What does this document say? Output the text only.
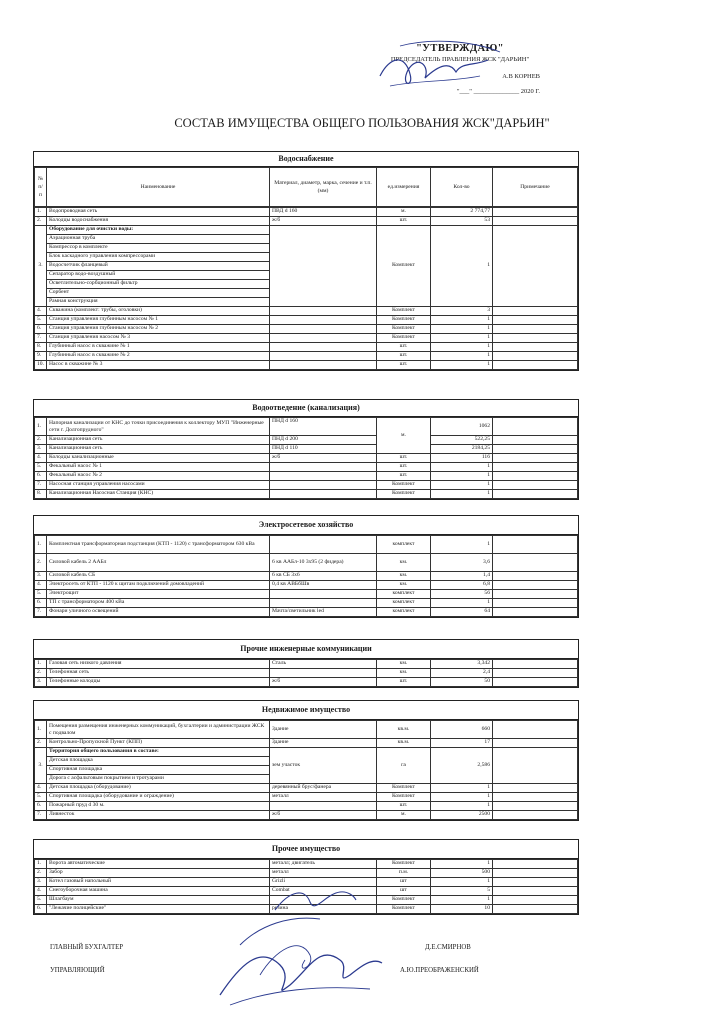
"УТВЕРЖДАЮ"
ПРЕДСЕДАТЕЛЬ ПРАВЛЕНИЯ ЖСК "ДАРЬИН"
А.В КОРНЕВ
"___" ______________ 2020 Г.
СОСТАВ ИМУЩЕСТВА ОБЩЕГО ПОЛЬЗОВАНИЯ ЖСК"ДАРЬИН"
Водоснабжение
№ п/п	Наименование	Материал, диаметр, марка, сечение и т.п. (мм)	ед.измерения	Кол-во	Примечание
1.	Водопроводная сеть	ПВД d 160	м.	2 774,77	
2.	Колодцы водоснабжения	ж/б	шт.	53	
3.	Оборудование для очистки воды:		Комплект	1	
	Аэрационная труба				
	Компрессор в комплекте				
	Блок каскадного управления компрессорами				
	Водосчетчик фланцевый				
	Сепаратор водо-воздушный				
	Осветлительно-сорбционный фильтр				
	Сорбент				
	Рамная конструкция				
4.	Скважина (комплект: трубы, оголовки)		Комплект	3	
5.	Станция управления глубинным насосом № 1		Комплект	1	
6.	Станция управления глубинным насосом № 2		Комплект	1	
7.	Станция управления насосом № 3		Комплект	1	
8.	Глубинный насос в скважине № 1		шт.	1	
9.	Глубинный насос в скважине № 2		шт.	1	
10.	Насос в скважине № 3		шт.	1	
Водоотведение (канализация)
1.	Напорная канализации от КНС до точки присоединения к коллектору МУП "Инженерные сети г. Долгопрудного"	ПНД d 160	м.	1062	
2.	Канализационная сеть	ПНД d 200		522,25	
3.	Канализационная сеть	ПНД d 110		2184,25	
4.	Колодцы канализационные	ж/б	шт.	116	
5.	Фекальный насос № 1		шт.	1	
6.	Фекальный насос № 2		шт.	1	
7.	Насосная станция управления насосами		Комплект	1	
8.	Канализационная Насосная Станция (КНС)		Комплект	1	
Электросетевое хозяйство
1.	Комплектная трансформаторная подстанция (КТП - 1120) с трансформатором 630 кВа		комплект	1	
2.	Силовой кабель 2 ААБл	6 кв ААБл-10 3х95 (2 фидера)	км.	3,6	
3.	Силовой кабель СБ	6 кв СБ 3х6	км.	1,4	
4.	Электросеть от КТП - 1120 к щитам подключений домовладений	0,4 кв АВБбШв	км.	6,8	
5.	Электрощит		комплект	56	
6.	ТП с трансформатором 400 кВа		комплект	1	
7.	Фонари уличного освещений	Мачта/светильник led	комплект	64	
Прочие инженерные коммуникации
1.	Газовая сеть низкого давления	Сталь	км.	3,342	
2.	Телефонная сеть		км.	2,4	
3.	Телефонные колодцы	ж/б	шт.	50	
Недвижимое имущество
1.	Помещения размещения инженерных коммуникаций, бухгалтерии и администрации ЖСК с подвалом	Здание	кв.м.	660	
2.	Контрольно-Пропускной Пункт (КПП)	Здание	кв.м.	17	
3.	Территория общего пользования в составе:	зем участок	га	2,586	
	Детская площадка				
	Спортивная площадка				
	Дорога с асфальтовым покрытием и тротуарами				
4.	Детская площадка (оборудование)	деревянный брус/фанера	Комплект	1	
5.	Спортивная площадка (оборудование и ограждение)	металл	Комплект	1	
6.	Пожарный пруд d 30 м.		шт.	1	
7.	Ливнесток	ж/б	м.	2500	
Прочее имущество
1.	Ворота автоматические	металл; двигатель	Комплект	1	
2.	Забор	металл	п.м.	500	
3.	Котел газовый напольный	Grizli	шт	1	
4.	Снегоуборочная машина	Combat	шт	5	
5.	Шлагбаум		Комплект	1	
6.	"Лежачие полицейские"	резина	Комплект	10	
ГЛАВНЫЙ БУХГАЛТЕР	Д.Е.СМИРНОВ
УПРАВЛЯЮЩИЙ	А.Ю.ПРЕОБРАЖЕНСКИЙ
